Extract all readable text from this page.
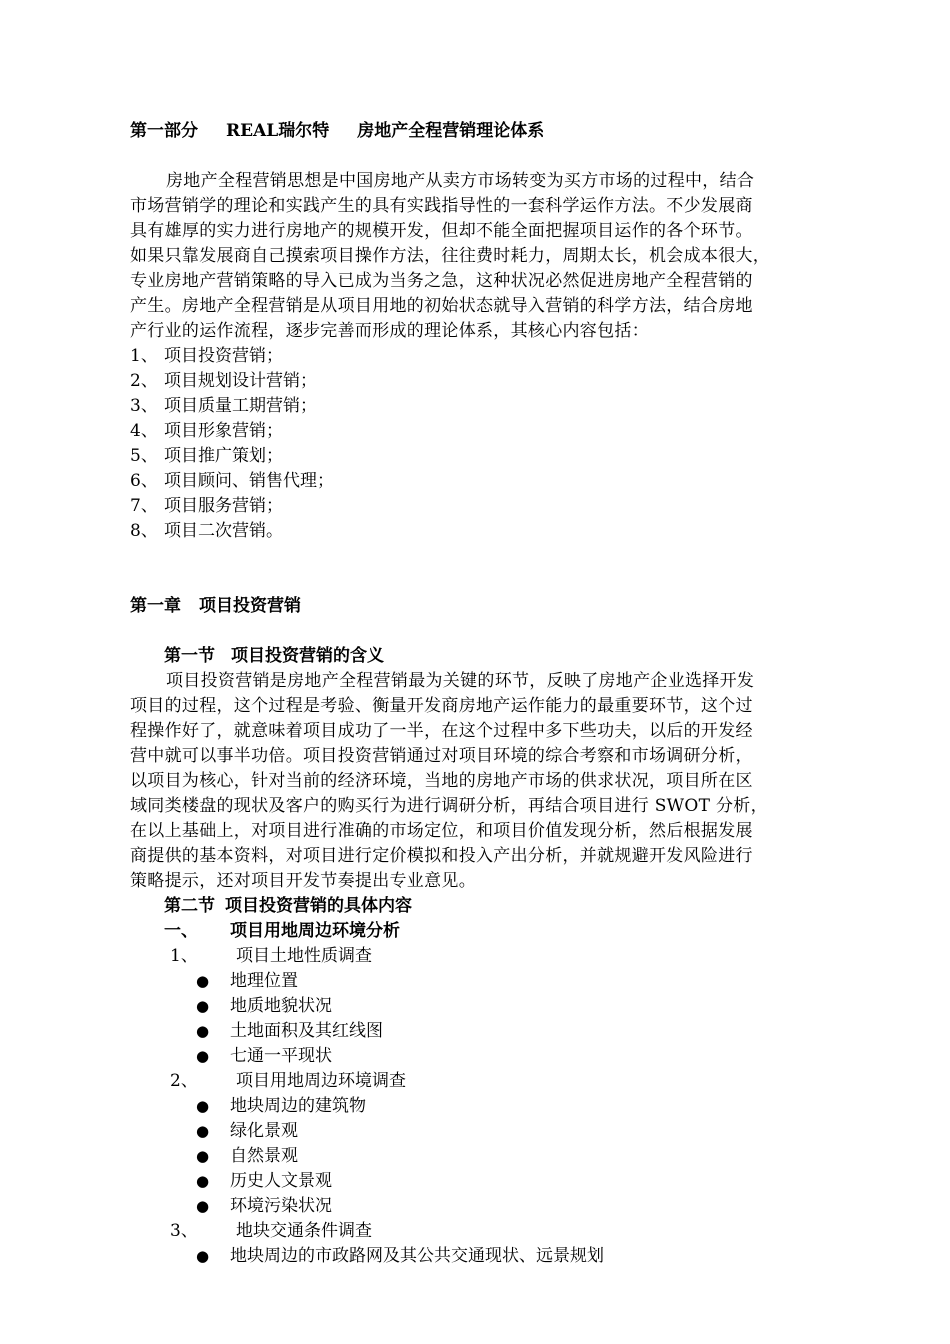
第一部分 REAL瑞尔特 房地产全程营销理论体系
房地产全程营销思想是中国房地产从卖方市场转变为买方市场的过程中，结合
市场营销学的理论和实践产生的具有实践指导性的一套科学运作方法。不少发展商
具有雄厚的实力进行房地产的规模开发，但却不能全面把握项目运作的各个环节。
如果只靠发展商自己摸索项目操作方法，往往费时耗力，周期太长，机会成本很大，
专业房地产营销策略的导入已成为当务之急，这种状况必然促进房地产全程营销的
产生。房地产全程营销是从项目用地的初始状态就导入营销的科学方法，结合房地
产行业的运作流程，逐步完善而形成的理论体系，其核心内容包括：
1、 项目投资营销；
2、 项目规划设计营销；
3、 项目质量工期营销；
4、 项目形象营销；
5、 项目推广策划；
6、 项目顾问、销售代理；
7、 项目服务营销；
8、 项目二次营销。
第一章 项目投资营销
第一节 项目投资营销的含义
项目投资营销是房地产全程营销最为关键的环节，反映了房地产企业选择开发
项目的过程，这个过程是考验、衡量开发商房地产运作能力的最重要环节，这个过
程操作好了，就意味着项目成功了一半，在这个过程中多下些功夫，以后的开发经
营中就可以事半功倍。项目投资营销通过对项目环境的综合考察和市场调研分析，
以项目为核心，针对当前的经济环境，当地的房地产市场的供求状况，项目所在区
域同类楼盘的现状及客户的购买行为进行调研分析，再结合项目进行 SWOT 分析，
在以上基础上，对项目进行准确的市场定位，和项目价值发现分析，然后根据发展
商提供的基本资料，对项目进行定价模拟和投入产出分析，并就规避开发风险进行
策略提示，还对项目开发节奏提出专业意见。
第二节 项目投资营销的具体内容
一、 项目用地周边环境分析
1、 项目土地性质调查
● 地理位置
● 地质地貌状况
● 土地面积及其红线图
● 七通一平现状
2、 项目用地周边环境调查
● 地块周边的建筑物
● 绿化景观
● 自然景观
● 历史人文景观
● 环境污染状况
3、 地块交通条件调查
● 地块周边的市政路网及其公共交通现状、远景规划
